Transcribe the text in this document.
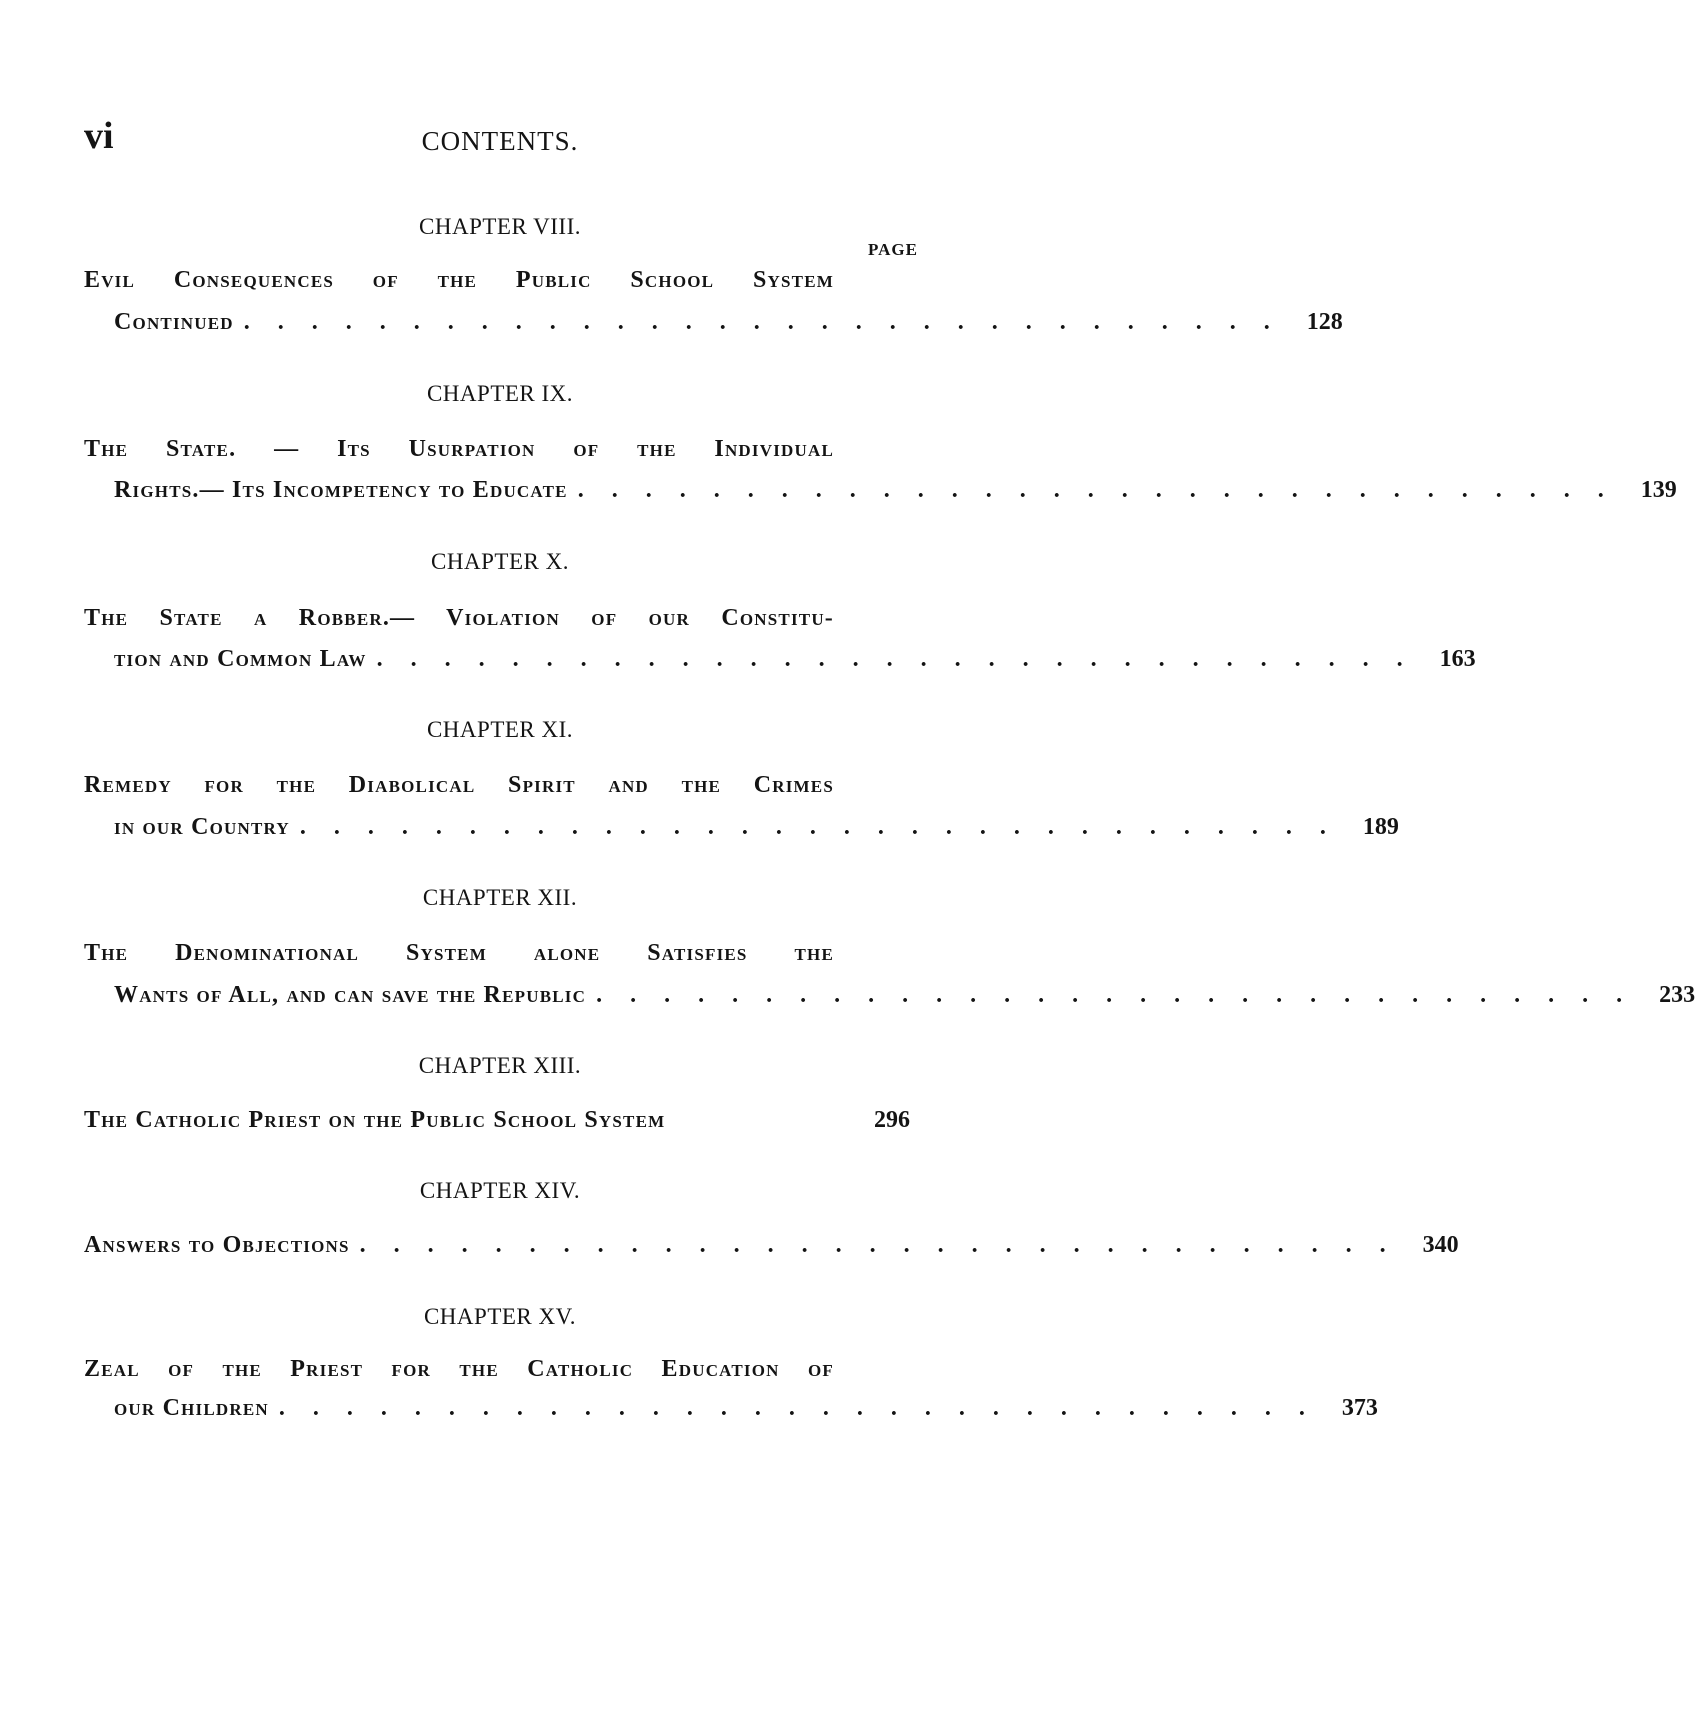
vi	CONTENTS.
CHAPTER VIII.
PAGE
Evil Consequences of the Public School System
Continued . . . . . . . . . . . . . . . . . . . . . . . . . . . . . . .	128
CHAPTER IX.
The State. — Its Usurpation of the Individual
Rights.— Its Incompetency to Educate . . . . . . . . . . . . . . . . . . . . . . . . . . . . . . .	139
CHAPTER X.
The State a Robber.— Violation of our Constitu-
tion and Common Law . . . . . . . . . . . . . . . . . . . . . . . . . . . . . . .	163
CHAPTER XI.
Remedy for the Diabolical Spirit and the Crimes
in our Country . . . . . . . . . . . . . . . . . . . . . . . . . . . . . . .	189
CHAPTER XII.
The Denominational System alone Satisfies the
Wants of All, and can save the Republic . . . . . . . . . . . . . . . . . . . . . . . . . . . . . . .	233
CHAPTER XIII.
The Catholic Priest on the Public School System	296
CHAPTER XIV.
Answers to Objections . . . . . . . . . . . . . . . . . . . . . . . . . . . . . . .	340
CHAPTER XV.
Zeal of the Priest for the Catholic Education of
our Children . . . . . . . . . . . . . . . . . . . . . . . . . . . . . . .	373
